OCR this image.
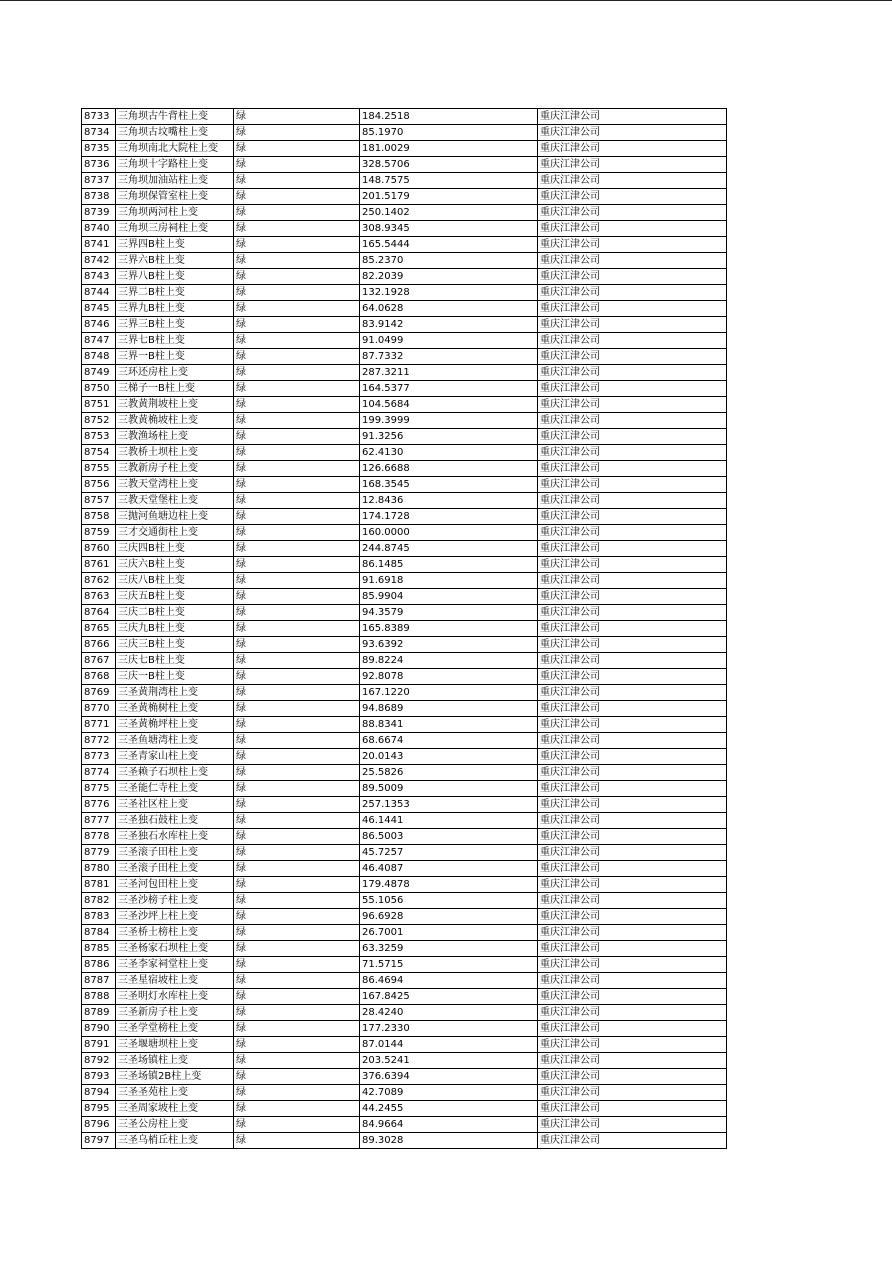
8733	三角坝古牛背柱上变	绿	184.2518	重庆江津公司
8734	三角坝古坟嘴柱上变	绿	85.1970	重庆江津公司
8735	三角坝南北大院柱上变	绿	181.0029	重庆江津公司
8736	三角坝十字路柱上变	绿	328.5706	重庆江津公司
8737	三角坝加油站柱上变	绿	148.7575	重庆江津公司
8738	三角坝保管室柱上变	绿	201.5179	重庆江津公司
8739	三角坝两河柱上变	绿	250.1402	重庆江津公司
8740	三角坝三房祠柱上变	绿	308.9345	重庆江津公司
8741	三界四B柱上变	绿	165.5444	重庆江津公司
8742	三界六B柱上变	绿	85.2370	重庆江津公司
8743	三界八B柱上变	绿	82.2039	重庆江津公司
8744	三界二B柱上变	绿	132.1928	重庆江津公司
8745	三界九B柱上变	绿	64.0628	重庆江津公司
8746	三界三B柱上变	绿	83.9142	重庆江津公司
8747	三界七B柱上变	绿	91.0499	重庆江津公司
8748	三界一B柱上变	绿	87.7332	重庆江津公司
8749	三环还房柱上变	绿	287.3211	重庆江津公司
8750	三梯子一B柱上变	绿	164.5377	重庆江津公司
8751	三教黄荆坡柱上变	绿	104.5684	重庆江津公司
8752	三教黄桷坡柱上变	绿	199.3999	重庆江津公司
8753	三教渔场柱上变	绿	91.3256	重庆江津公司
8754	三教桥土坝柱上变	绿	62.4130	重庆江津公司
8755	三教新房子柱上变	绿	126.6688	重庆江津公司
8756	三教天堂湾柱上变	绿	168.3545	重庆江津公司
8757	三教天堂堡柱上变	绿	12.8436	重庆江津公司
8758	三抛河鱼塘边柱上变	绿	174.1728	重庆江津公司
8759	三才交通街柱上变	绿	160.0000	重庆江津公司
8760	三庆四B柱上变	绿	244.8745	重庆江津公司
8761	三庆六B柱上变	绿	86.1485	重庆江津公司
8762	三庆八B柱上变	绿	91.6918	重庆江津公司
8763	三庆五B柱上变	绿	85.9904	重庆江津公司
8764	三庆二B柱上变	绿	94.3579	重庆江津公司
8765	三庆九B柱上变	绿	165.8389	重庆江津公司
8766	三庆三B柱上变	绿	93.6392	重庆江津公司
8767	三庆七B柱上变	绿	89.8224	重庆江津公司
8768	三庆一B柱上变	绿	92.8078	重庆江津公司
8769	三圣黄荆湾柱上变	绿	167.1220	重庆江津公司
8770	三圣黄桷树柱上变	绿	94.8689	重庆江津公司
8771	三圣黄桷坪柱上变	绿	88.8341	重庆江津公司
8772	三圣鱼塘湾柱上变	绿	68.6674	重庆江津公司
8773	三圣青家山柱上变	绿	20.0143	重庆江津公司
8774	三圣赖子石坝柱上变	绿	25.5826	重庆江津公司
8775	三圣能仁寺柱上变	绿	89.5009	重庆江津公司
8776	三圣社区柱上变	绿	257.1353	重庆江津公司
8777	三圣独石鼓柱上变	绿	46.1441	重庆江津公司
8778	三圣独石水库柱上变	绿	86.5003	重庆江津公司
8779	三圣滚子田柱上变	绿	45.7257	重庆江津公司
8780	三圣滚子田柱上变	绿	46.4087	重庆江津公司
8781	三圣河包田柱上变	绿	179.4878	重庆江津公司
8782	三圣沙榜子柱上变	绿	55.1056	重庆江津公司
8783	三圣沙坪上柱上变	绿	96.6928	重庆江津公司
8784	三圣桥土榜柱上变	绿	26.7001	重庆江津公司
8785	三圣杨家石坝柱上变	绿	63.3259	重庆江津公司
8786	三圣李家祠堂柱上变	绿	71.5715	重庆江津公司
8787	三圣星宿坡柱上变	绿	86.4694	重庆江津公司
8788	三圣明灯水库柱上变	绿	167.8425	重庆江津公司
8789	三圣新房子柱上变	绿	28.4240	重庆江津公司
8790	三圣学堂榜柱上变	绿	177.2330	重庆江津公司
8791	三圣堰塘坝柱上变	绿	87.0144	重庆江津公司
8792	三圣场镇柱上变	绿	203.5241	重庆江津公司
8793	三圣场镇2B柱上变	绿	376.6394	重庆江津公司
8794	三圣圣苑柱上变	绿	42.7089	重庆江津公司
8795	三圣周家坡柱上变	绿	44.2455	重庆江津公司
8796	三圣公房柱上变	绿	84.9664	重庆江津公司
8797	三圣乌梢丘柱上变	绿	89.3028	重庆江津公司
